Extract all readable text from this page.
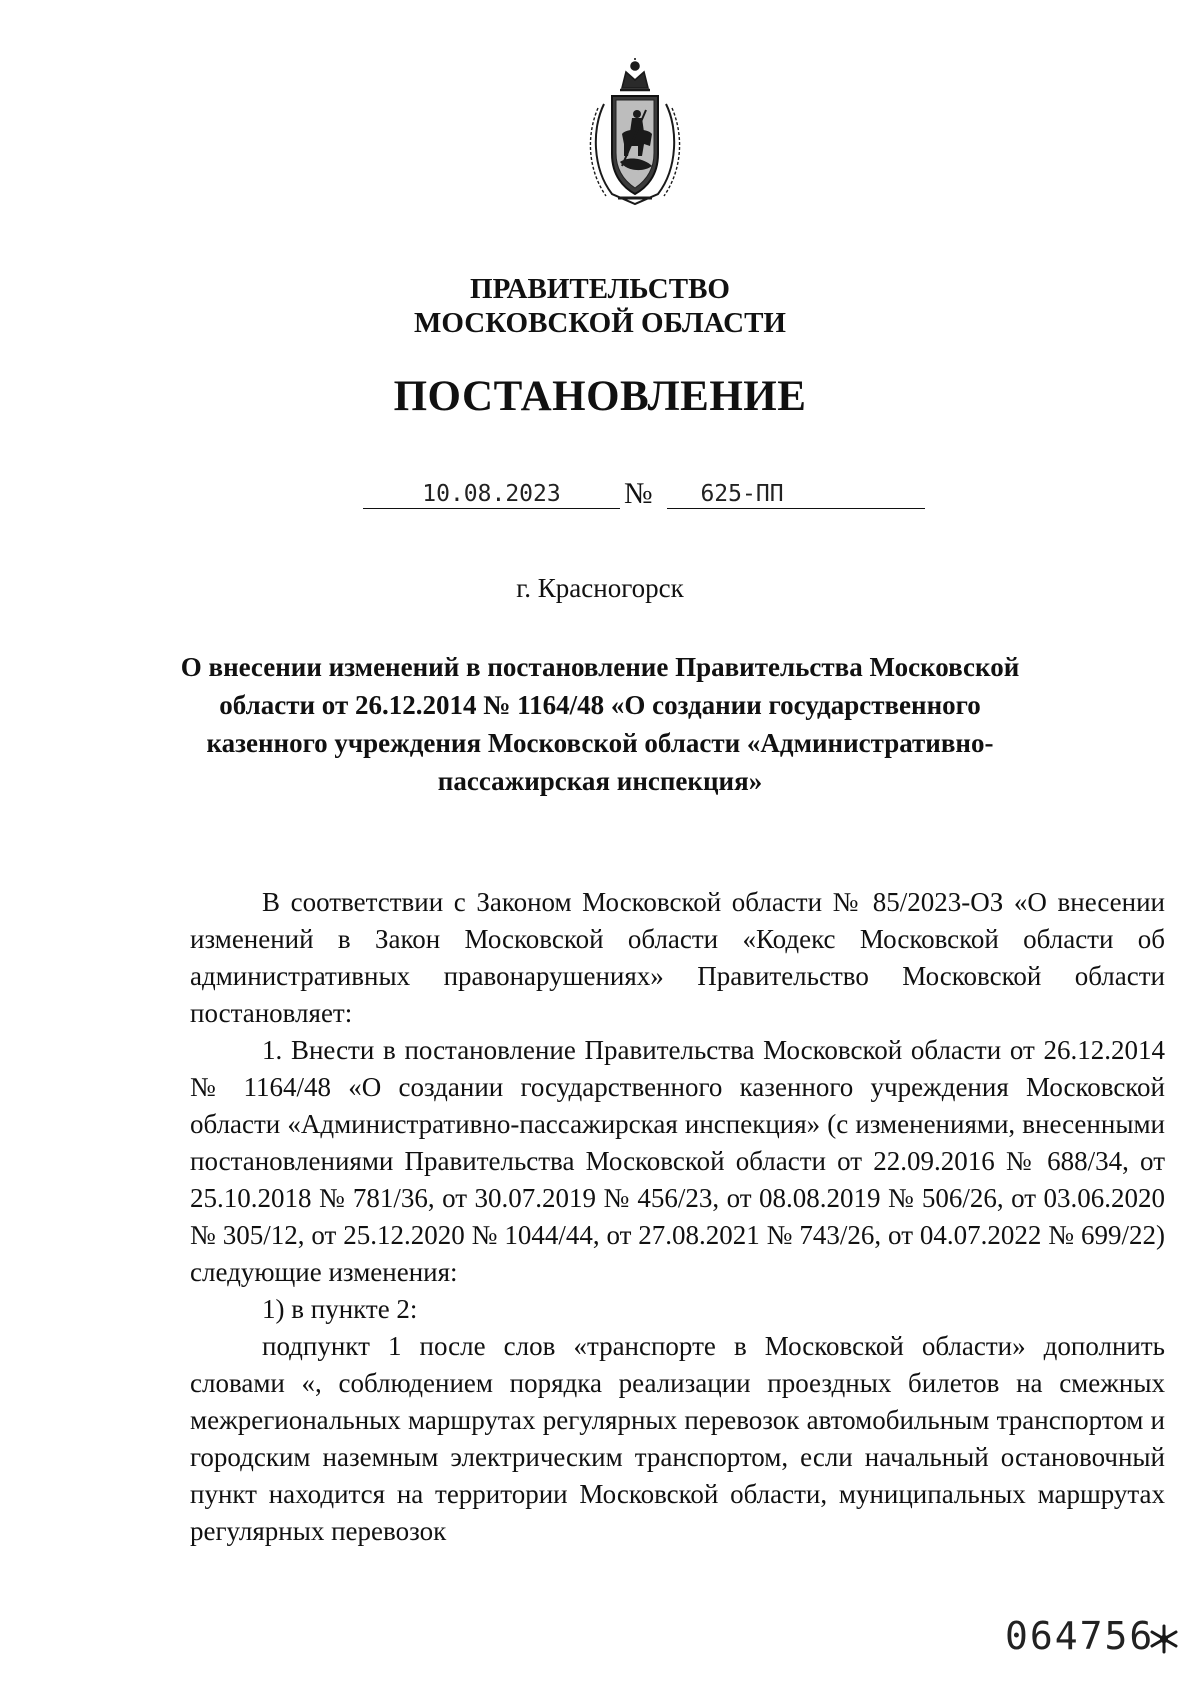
ПРАВИТЕЛЬСТВО
МОСКОВСКОЙ ОБЛАСТИ
ПОСТАНОВЛЕНИЕ
10.08.2023	№	625-ПП
г. Красногорск
О внесении изменений в постановление Правительства Московской области от 26.12.2014 № 1164/48 «О создании государственного казенного учреждения Московской области «Административно-пассажирская инспекция»

В соответствии с Законом Московской области № 85/2023-ОЗ «О внесении изменений в Закон Московской области «Кодекс Московской области об административных правонарушениях» Правительство Московской области постановляет:

1. Внести в постановление Правительства Московской области от 26.12.2014 № 1164/48 «О создании государственного казенного учреждения Московской области «Административно-пассажирская инспекция» (с изменениями, внесенными постановлениями Правительства Московской области от 22.09.2016 № 688/34, от 25.10.2018 № 781/36, от 30.07.2019 № 456/23, от 08.08.2019 № 506/26, от 03.06.2020 № 305/12, от 25.12.2020 № 1044/44, от 27.08.2021 № 743/26, от 04.07.2022 № 699/22) следующие изменения:

1) в пункте 2:

подпункт 1 после слов «транспорте в Московской области» дополнить словами «, соблюдением порядка реализации проездных билетов на смежных межрегиональных маршрутах регулярных перевозок автомобильным транспортом и городским наземным электрическим транспортом, если начальный остановочный пункт находится на территории Московской области, муниципальных маршрутах регулярных перевозок

064756
